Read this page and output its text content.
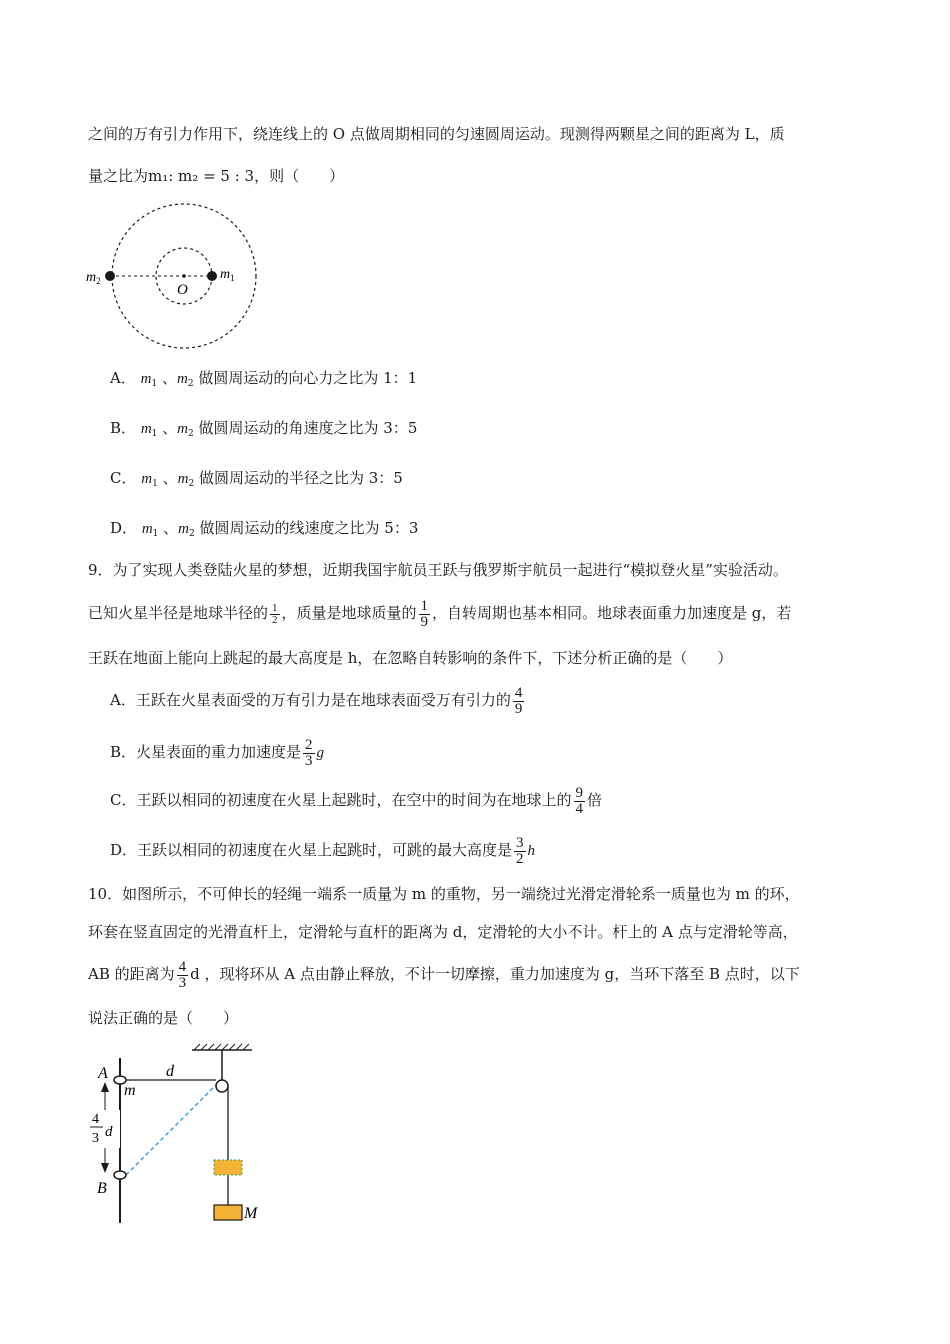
之间的万有引力作用下，绕连线上的 O 点做周期相同的匀速圆周运动。现测得两颗星之间的距离为 L，质
量之比为m₁: m₂ = 5 : 3，则（　　）
$m_2$	$m_1$
O
A． $m_1$ 、$m_2$ 做圆周运动的向心力之比为 1：1
B． $m_1$ 、$m_2$ 做圆周运动的角速度之比为 3：5
C． $m_1$ 、$m_2$ 做圆周运动的半径之比为 3：5
D． $m_1$ 、$m_2$ 做圆周运动的线速度之比为 5：3
9．为了实现人类登陆火星的梦想，近期我国宇航员王跃与俄罗斯宇航员一起进行“模拟登火星”实验活动。
已知火星半径是地球半径的 $\frac{1}{2}$ ，质量是地球质量的 $\frac{1}{9}$ ，自转周期也基本相同。地球表面重力加速度是 g，若
王跃在地面上能向上跳起的最大高度是 h，在忽略自转影响的条件下，下述分析正确的是（　　）
A．王跃在火星表面受的万有引力是在地球表面受万有引力的 $\frac{4}{9}$
B．火星表面的重力加速度是 $\frac{2}{3}$ g
C．王跃以相同的初速度在火星上起跳时，在空中的时间为在地球上的 $\frac{9}{4}$ 倍
D．王跃以相同的初速度在火星上起跳时，可跳的最大高度是 $\frac{3}{2}$ h
10．如图所示，不可伸长的轻绳一端系一质量为 m 的重物，另一端绕过光滑定滑轮系一质量也为 m 的环，
环套在竖直固定的光滑直杆上，定滑轮与直杆的距离为 d，定滑轮的大小不计。杆上的 A 点与定滑轮等高，
AB 的距离为 $\frac{4}{3}$ d ，现将环从 A 点由静止释放，不计一切摩擦，重力加速度为 g，当环下落至 B 点时，以下
说法正确的是（　　）
4
3 d
A
m
d
B
M
